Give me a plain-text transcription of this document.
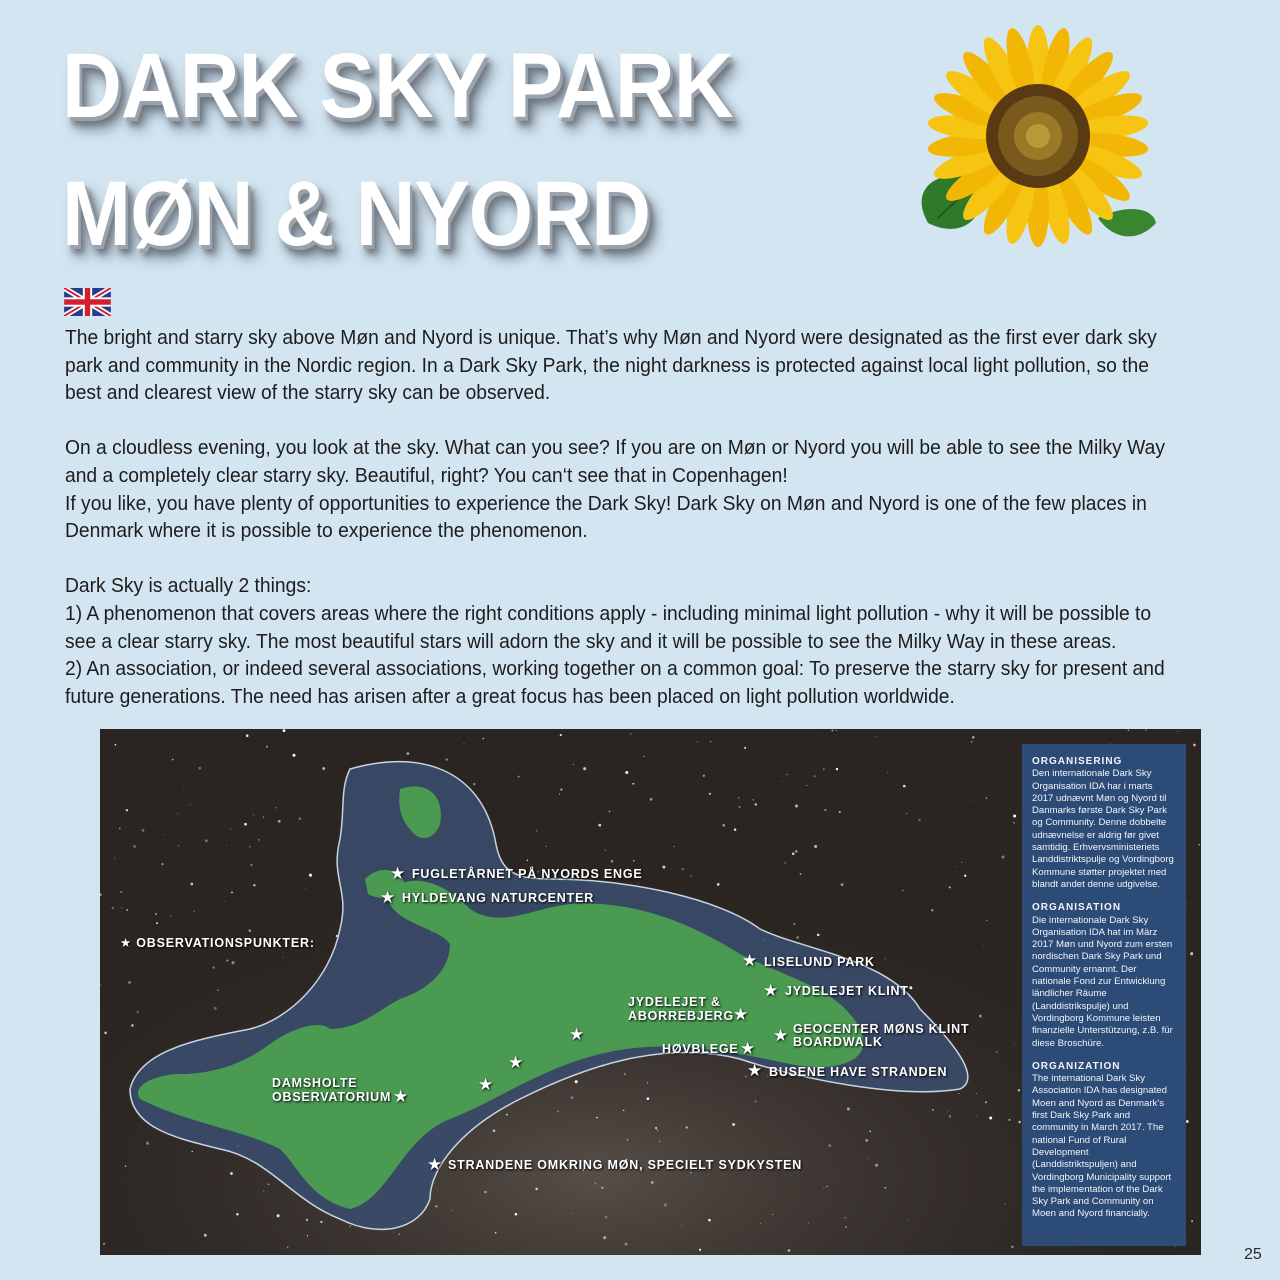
DARK SKY PARK
MØN & NYORD

The bright and starry sky above Møn and Nyord is unique. That’s why Møn and Nyord were designated as the first ever dark sky park and community in the Nordic region. In a Dark Sky Park, the night darkness is protected against local light pollution, so the best and clearest view of the starry sky can be observed.

On a cloudless evening, you look at the sky. What can you see? If you are on Møn or Nyord you will be able to see the Milky Way and a completely clear starry sky. Beautiful, right? You can‘t see that in Copenhagen!

If you like, you have plenty of opportunities to experience the Dark Sky! Dark Sky on Møn and Nyord is one of the few places in Denmark where it is possible to experience the phenomenon.

Dark Sky is actually 2 things:

1) A phenomenon that covers areas where the right conditions apply - including minimal light pollution - why it will be possible to see a clear starry sky. The most beautiful stars will adorn the sky and it will be possible to see the Milky Way in these areas.

2) An association, or indeed several associations, working together on a common goal: To preserve the starry sky for present and future generations. The need has arisen after a great focus has been placed on light pollution worldwide.

★ OBSERVATIONSPUNKTER:
★ FUGLETÅRNET PÅ NYORDS ENGE
★ HYLDEVANG NATURCENTER
★ LISELUND PARK
★ JYDELEJET KLINT
JYDELEJET &
ABORREBJERG
★
★ GEOCENTER MØNS KLINT
BOARDWALK
HØVBLEGE ★
★ BUSENE HAVE STRANDEN
★
★
★
DAMSHOLTE
OBSERVATORIUM ★
★ STRANDENE OMKRING MØN, SPECIELT SYDKYSTEN
ORGANISERING

Den internationale Dark Sky Organisation IDA har i marts 2017 udnævnt Møn og Nyord til Danmarks første Dark Sky Park og Community. Denne dobbelte udnævnelse er aldrig før givet samtidig. Erhvervsministeriets Landdistriktspulje og Vordingborg Kommune støtter projektet med blandt andet denne udgivelse.

ORGANISATION

Die internationale Dark Sky Organisation IDA hat im März 2017 Møn und Nyord zum ersten nordischen Dark Sky Park und Community ernannt. Der nationale Fond zur Entwicklung ländlicher Räume (Landdistrikspulje) und Vordingborg Kommune leisten finanzielle Unterstützung, z.B. für diese Broschüre.

ORGANIZATION

The international Dark Sky Association IDA has designated Moen and Nyord as Denmark’s first Dark Sky Park and community in March 2017. The national Fund of Rural Development (Landdistriktspuljen) and Vordingborg Municipality support the implementation of the Dark Sky Park and Community on Moen and Nyord financially.

25
